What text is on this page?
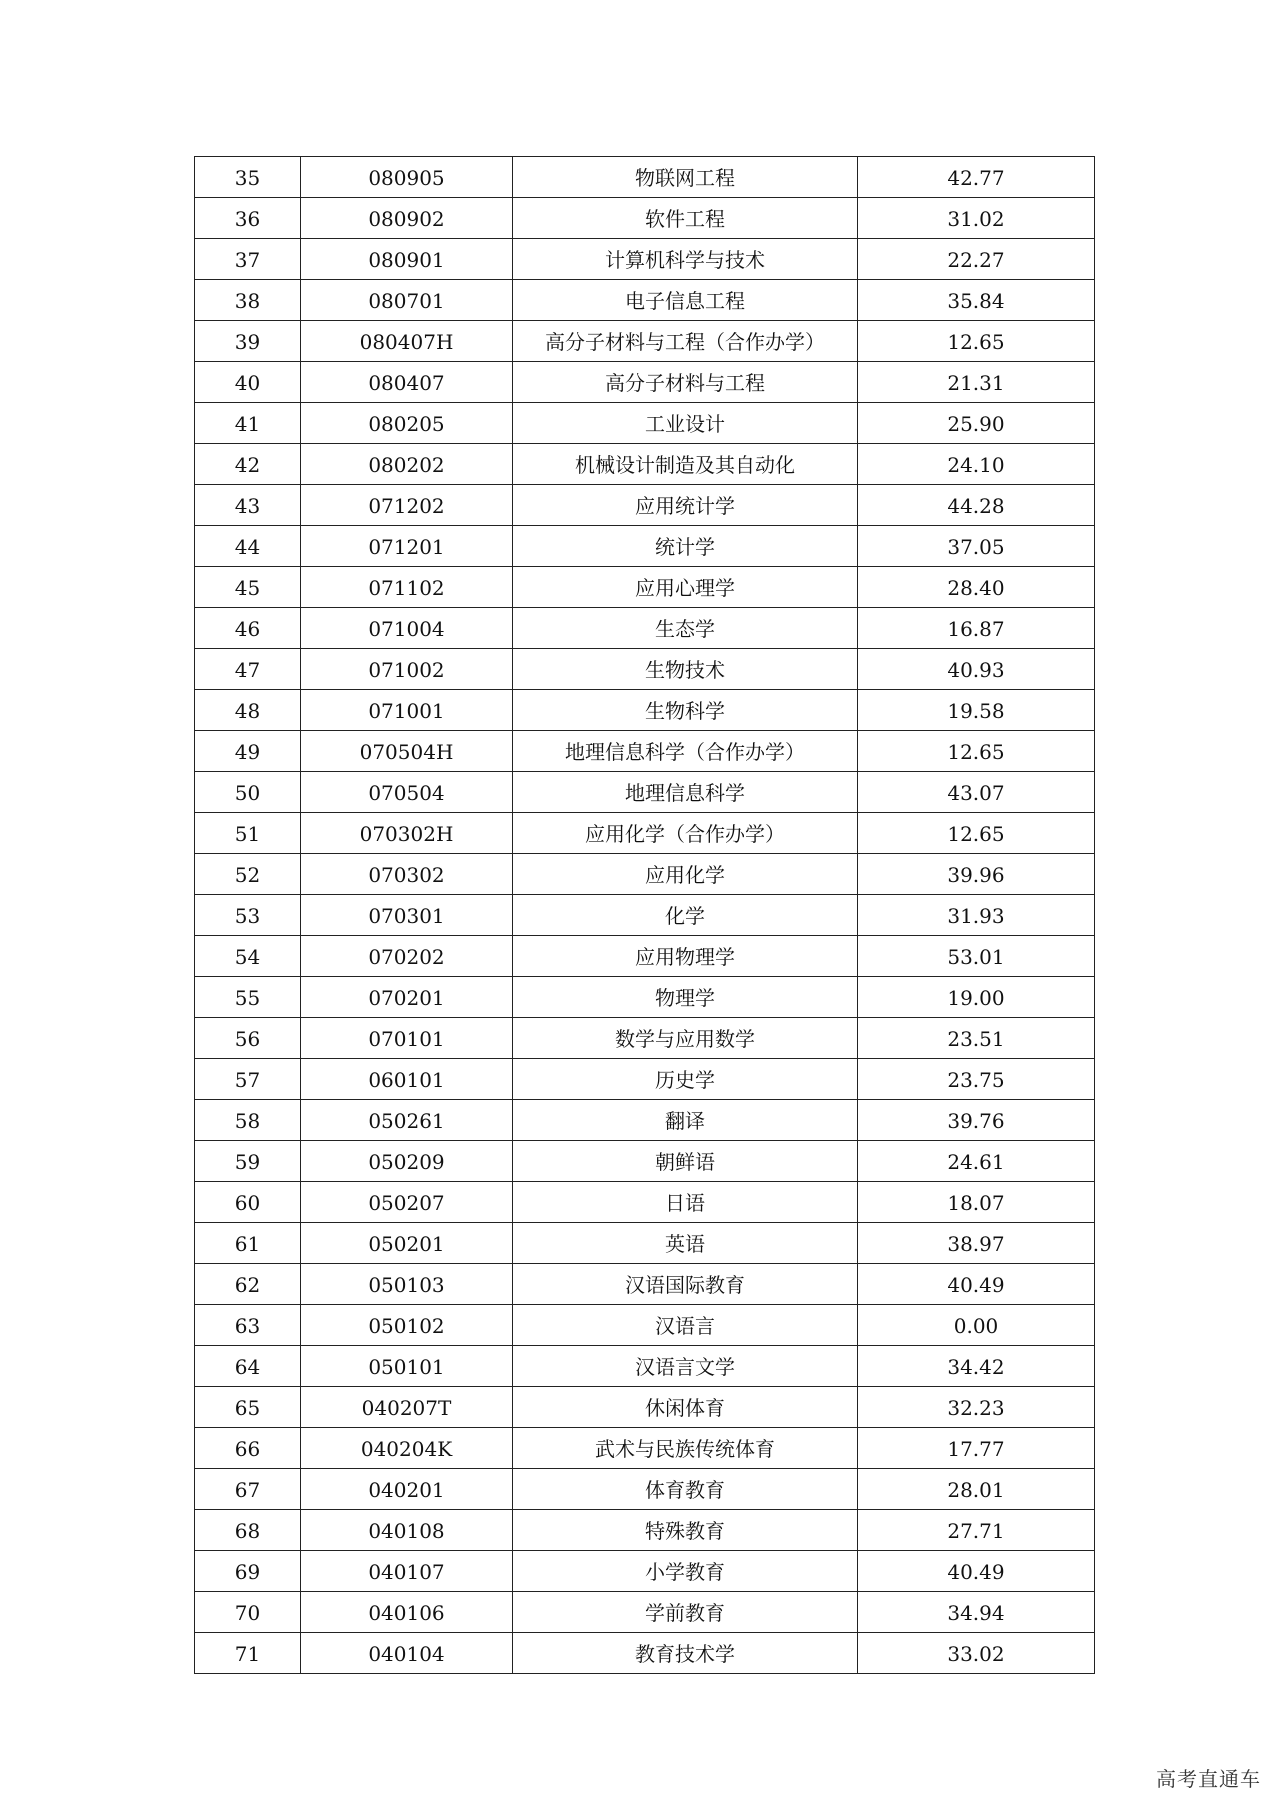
35	080905	物联网工程	42.77
36	080902	软件工程	31.02
37	080901	计算机科学与技术	22.27
38	080701	电子信息工程	35.84
39	080407H	高分子材料与工程（合作办学）	12.65
40	080407	高分子材料与工程	21.31
41	080205	工业设计	25.90
42	080202	机械设计制造及其自动化	24.10
43	071202	应用统计学	44.28
44	071201	统计学	37.05
45	071102	应用心理学	28.40
46	071004	生态学	16.87
47	071002	生物技术	40.93
48	071001	生物科学	19.58
49	070504H	地理信息科学（合作办学）	12.65
50	070504	地理信息科学	43.07
51	070302H	应用化学（合作办学）	12.65
52	070302	应用化学	39.96
53	070301	化学	31.93
54	070202	应用物理学	53.01
55	070201	物理学	19.00
56	070101	数学与应用数学	23.51
57	060101	历史学	23.75
58	050261	翻译	39.76
59	050209	朝鲜语	24.61
60	050207	日语	18.07
61	050201	英语	38.97
62	050103	汉语国际教育	40.49
63	050102	汉语言	0.00
64	050101	汉语言文学	34.42
65	040207T	休闲体育	32.23
66	040204K	武术与民族传统体育	17.77
67	040201	体育教育	28.01
68	040108	特殊教育	27.71
69	040107	小学教育	40.49
70	040106	学前教育	34.94
71	040104	教育技术学	33.02
高考直通车
